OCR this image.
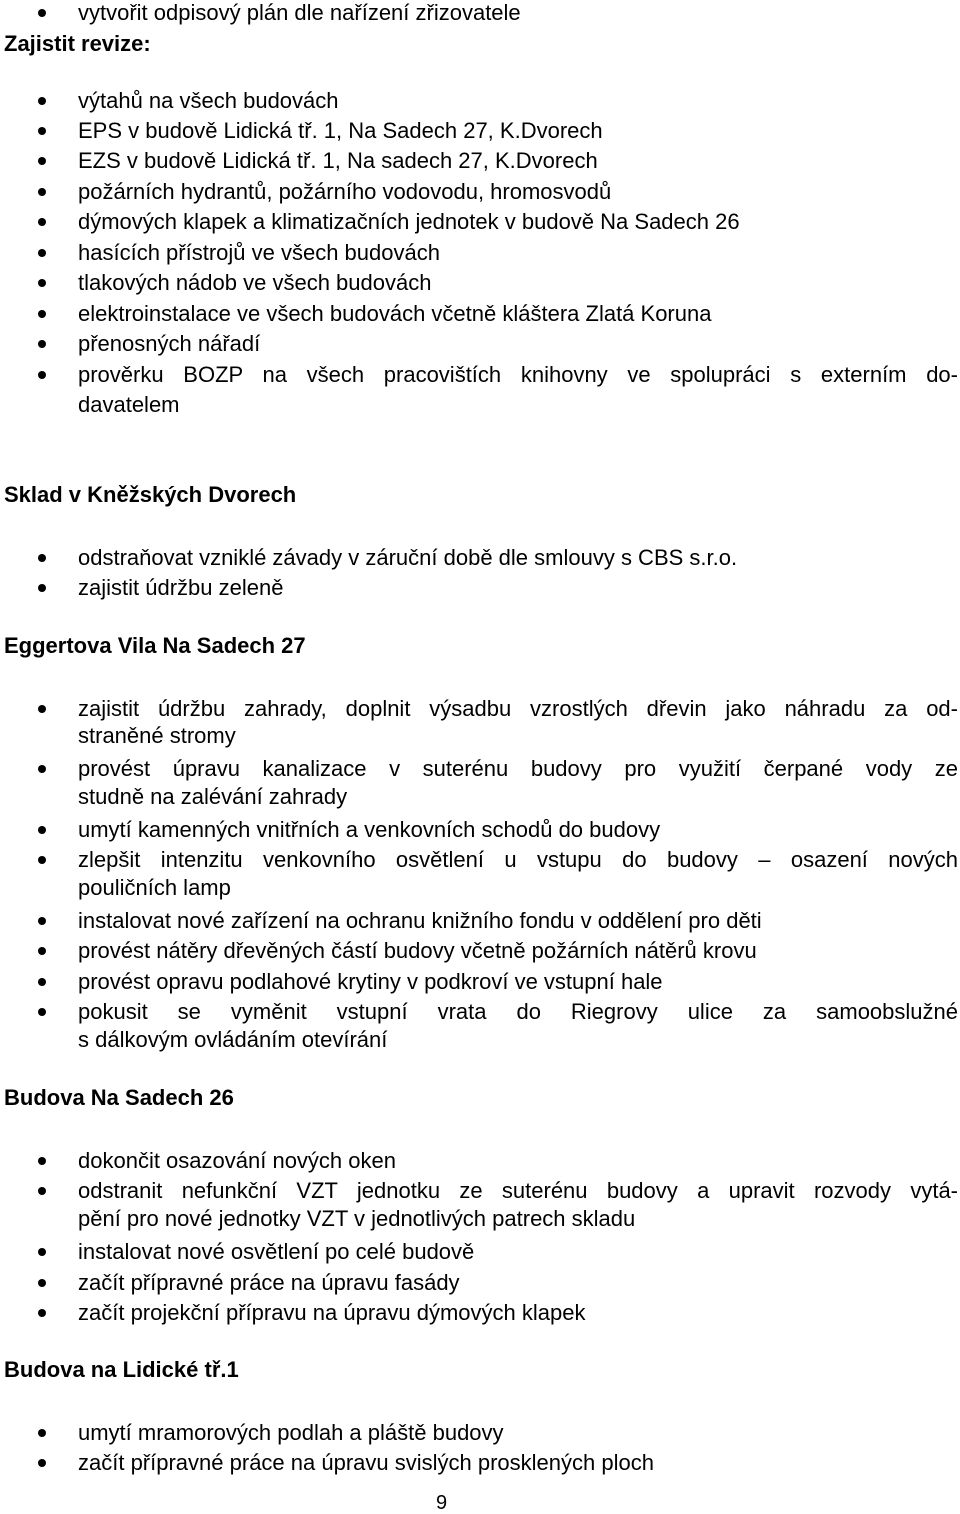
vytvořit odpisový plán dle nařízení zřizovatele
Zajistit revize:
výtahů na všech budovách
EPS v budově Lidická tř. 1, Na Sadech 27, K.Dvorech
EZS v budově Lidická tř. 1, Na sadech 27, K.Dvorech
požárních hydrantů, požárního vodovodu, hromosvodů
dýmových klapek a klimatizačních jednotek v budově Na Sadech 26
hasících přístrojů ve všech budovách
tlakových nádob ve všech budovách
elektroinstalace ve všech budovách včetně kláštera Zlatá Koruna
přenosných nářadí
prověrku BOZP na všech pracovištích knihovny ve spolupráci s externím do-
davatelem
Sklad v Kněžských Dvorech
odstraňovat vzniklé závady v záruční době dle smlouvy s CBS s.r.o.
zajistit údržbu zeleně
Eggertova Vila Na Sadech 27
zajistit údržbu zahrady, doplnit výsadbu vzrostlých dřevin jako náhradu za od-
straněné stromy
provést úpravu kanalizace v suterénu budovy pro využití čerpané vody ze
studně na zalévání zahrady
umytí kamenných vnitřních a venkovních schodů do budovy
zlepšit intenzitu venkovního osvětlení u vstupu do budovy – osazení nových
pouličních lamp
instalovat nové zařízení na ochranu knižního fondu v oddělení pro děti
provést nátěry dřevěných částí budovy včetně požárních nátěrů krovu
provést opravu podlahové krytiny v podkroví ve vstupní hale
pokusit se vyměnit vstupní vrata do Riegrovy ulice za samoobslužné
s dálkovým ovládáním otevírání
Budova Na Sadech 26
dokončit osazování nových oken
odstranit nefunkční VZT jednotku ze suterénu budovy a upravit rozvody vytá-
pění pro nové jednotky VZT v jednotlivých patrech skladu
instalovat nové osvětlení po celé budově
začít přípravné práce na úpravu fasády
začít projekční přípravu na úpravu dýmových klapek
Budova na Lidické tř.1
umytí mramorových podlah a pláště budovy
začít přípravné práce na úpravu svislých prosklených ploch
9
